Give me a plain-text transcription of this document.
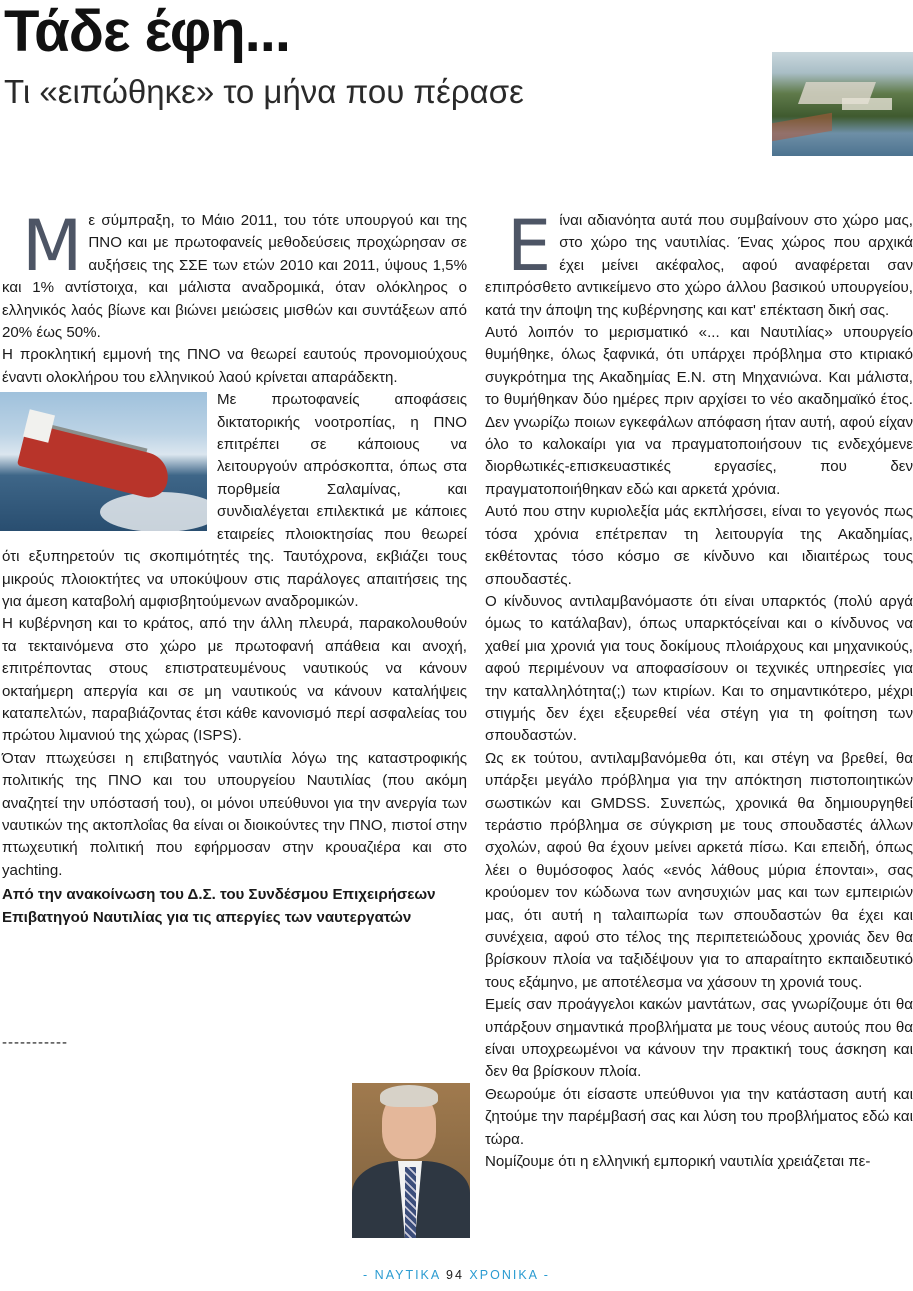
Τάδε έφη...
Τι «ειπώθηκε» το μήνα που πέρασε

Με σύμπραξη, το Μάιο 2011, του τότε υπουργού και της ΠΝΟ και με πρωτοφανείς μεθοδεύσεις προχώρησαν σε αυξήσεις της ΣΣΕ των ετών 2010 και 2011, ύψους 1,5% και 1% αντίστοιχα, και μάλιστα αναδρομικά, όταν ολόκληρος ο ελληνικός λαός βίωνε και βιώνει μειώσεις μισθών και συντάξεων από 20% έως 50%.

Η προκλητική εμμονή της ΠΝΟ να θεωρεί εαυτούς προνομιούχους έναντι ολοκλήρου του ελληνικού λαού κρίνεται απαράδεκτη.

Με πρωτοφανείς αποφάσεις δικτατορικής νοοτροπίας, η ΠΝΟ επιτρέπει σε κάποιους να λειτουργούν απρόσκοπτα, όπως στα πορθμεία Σαλαμίνας, και συνδιαλέγεται επιλεκτικά με κάποιες εταιρείες πλοιοκτησίας που θεωρεί ότι εξυπηρετούν τις σκοπιμότητές της. Ταυτόχρονα, εκβιάζει τους μικρούς πλοιοκτήτες να υποκύψουν στις παράλογες απαιτήσεις της για άμεση καταβολή αμφισβητούμενων αναδρομικών.

Η κυβέρνηση και το κράτος, από την άλλη πλευρά, παρακολουθούν τα τεκταινόμενα στο χώρο με πρωτοφανή απάθεια και ανοχή, επιτρέποντας στους επιστρατευμένους ναυτικούς να κάνουν οκταήμερη απεργία και σε μη ναυτικούς να κάνουν καταλήψεις καταπελτών, παραβιάζοντας έτσι κάθε κανονισμό περί ασφαλείας του πρώτου λιμανιού της χώρας (ISPS).

Όταν πτωχεύσει η επιβατηγός ναυτιλία λόγω της καταστροφικής πολιτικής της ΠΝΟ και του υπουργείου Ναυτιλίας (που ακόμη αναζητεί την υπόστασή του), οι μόνοι υπεύθυνοι για την ανεργία των ναυτικών της ακτοπλοΐας θα είναι οι διοικούντες την ΠΝΟ, πιστοί στην πτωχευτική πολιτική που εφήρμοσαν στην κρουαζιέρα και στο yachting.

Από την ανακοίνωση του Δ.Σ. του Συνδέσμου Επιχειρήσεων Επιβατηγού Ναυτιλίας για τις απεργίες των ναυτεργατών

-----------

Είναι αδιανόητα αυτά που συμβαίνουν στο χώρο μας, στο χώρο της ναυτιλίας. Ένας χώρος που αρχικά έχει μείνει ακέφαλος, αφού αναφέρεται σαν επιπρόσθετο αντικείμενο στο χώρο άλλου βασικού υπουργείου, κατά την άποψη της κυβέρνησης και κατ' επέκταση δική σας.

Αυτό λοιπόν το μερισματικό «... και Ναυτιλίας» υπουργείο θυμήθηκε, όλως ξαφνικά, ότι υπάρχει πρόβλημα στο κτιριακό συγκρότημα της Ακαδημίας Ε.Ν. στη Μηχανιώνα. Και μάλιστα, το θυμήθηκαν δύο ημέρες πριν αρχίσει το νέο ακαδημαϊκό έτος. Δεν γνωρίζω ποιων εγκεφάλων απόφαση ήταν αυτή, αφού είχαν όλο το καλοκαίρι για να πραγματοποιήσουν τις ενδεχόμενε διορθωτικές-επισκευαστικές εργασίες, που δεν πραγματοποιήθηκαν εδώ και αρκετά χρόνια.

Αυτό που στην κυριολεξία μάς εκπλήσσει, είναι το γεγονός πως τόσα χρόνια επέτρεπαν τη λειτουργία της Ακαδημίας, εκθέτοντας τόσο κόσμο σε κίνδυνο και ιδιαιτέρως τους σπουδαστές.

Ο κίνδυνος αντιλαμβανόμαστε ότι είναι υπαρκτός (πολύ αργά όμως το κατάλαβαν), όπως υπαρκτόςείναι και ο κίνδυνος να χαθεί μια χρονιά για τους δοκίμους πλοιάρχους και μηχανικούς, αφού περιμένουν να αποφασίσουν οι τεχνικές υπηρεσίες για την καταλληλότητα(;) των κτιρίων. Και το σημαντικότερο, μέχρι στιγμής δεν έχει εξευρεθεί νέα στέγη για τη φοίτηση των σπουδαστών.

Ως εκ τούτου, αντιλαμβανόμεθα ότι, και στέγη να βρεθεί, θα υπάρξει μεγάλο πρόβλημα για την απόκτηση πιστοποιητικών σωστικών και GMDSS. Συνεπώς, χρονικά θα δημιουργηθεί τεράστιο πρόβλημα σε σύγκριση με τους σπουδαστές άλλων σχολών, αφού θα έχουν μείνει αρκετά πίσω. Και επειδή, όπως λέει ο θυμόσοφος λαός «ενός λάθους μύρια έπονται», σας κρούομεν τον κώδωνα των ανησυχιών μας και των εμπειριών μας, ότι αυτή η ταλαιπωρία των σπουδαστών θα έχει και συνέχεια, αφού στο τέλος της περιπετειώδους χρονιάς δεν θα βρίσκουν πλοία να ταξιδέψουν για το απαραίτητο εκπαιδευτικό τους εξάμηνο, με αποτέλεσμα να χάσουν τη χρονιά τους.

Εμείς σαν προάγγελοι κακών μαντάτων, σας γνωρίζουμε ότι θα υπάρξουν σημαντικά προβλήματα με τους νέους αυτούς που θα είναι υποχρεωμένοι να κάνουν την πρακτική τους άσκηση και δεν θα βρίσκουν πλοία.

Θεωρούμε ότι είσαστε υπεύθυνοι για την κατάσταση αυτή και ζητούμε την παρέμβασή σας και λύση του προβλήματος εδώ και τώρα.

Νομίζουμε ότι η ελληνική εμπορική ναυτιλία χρειάζεται πε-

- ΝΑΥΤΙΚΑ 94 ΧΡΟΝΙΚΑ -
